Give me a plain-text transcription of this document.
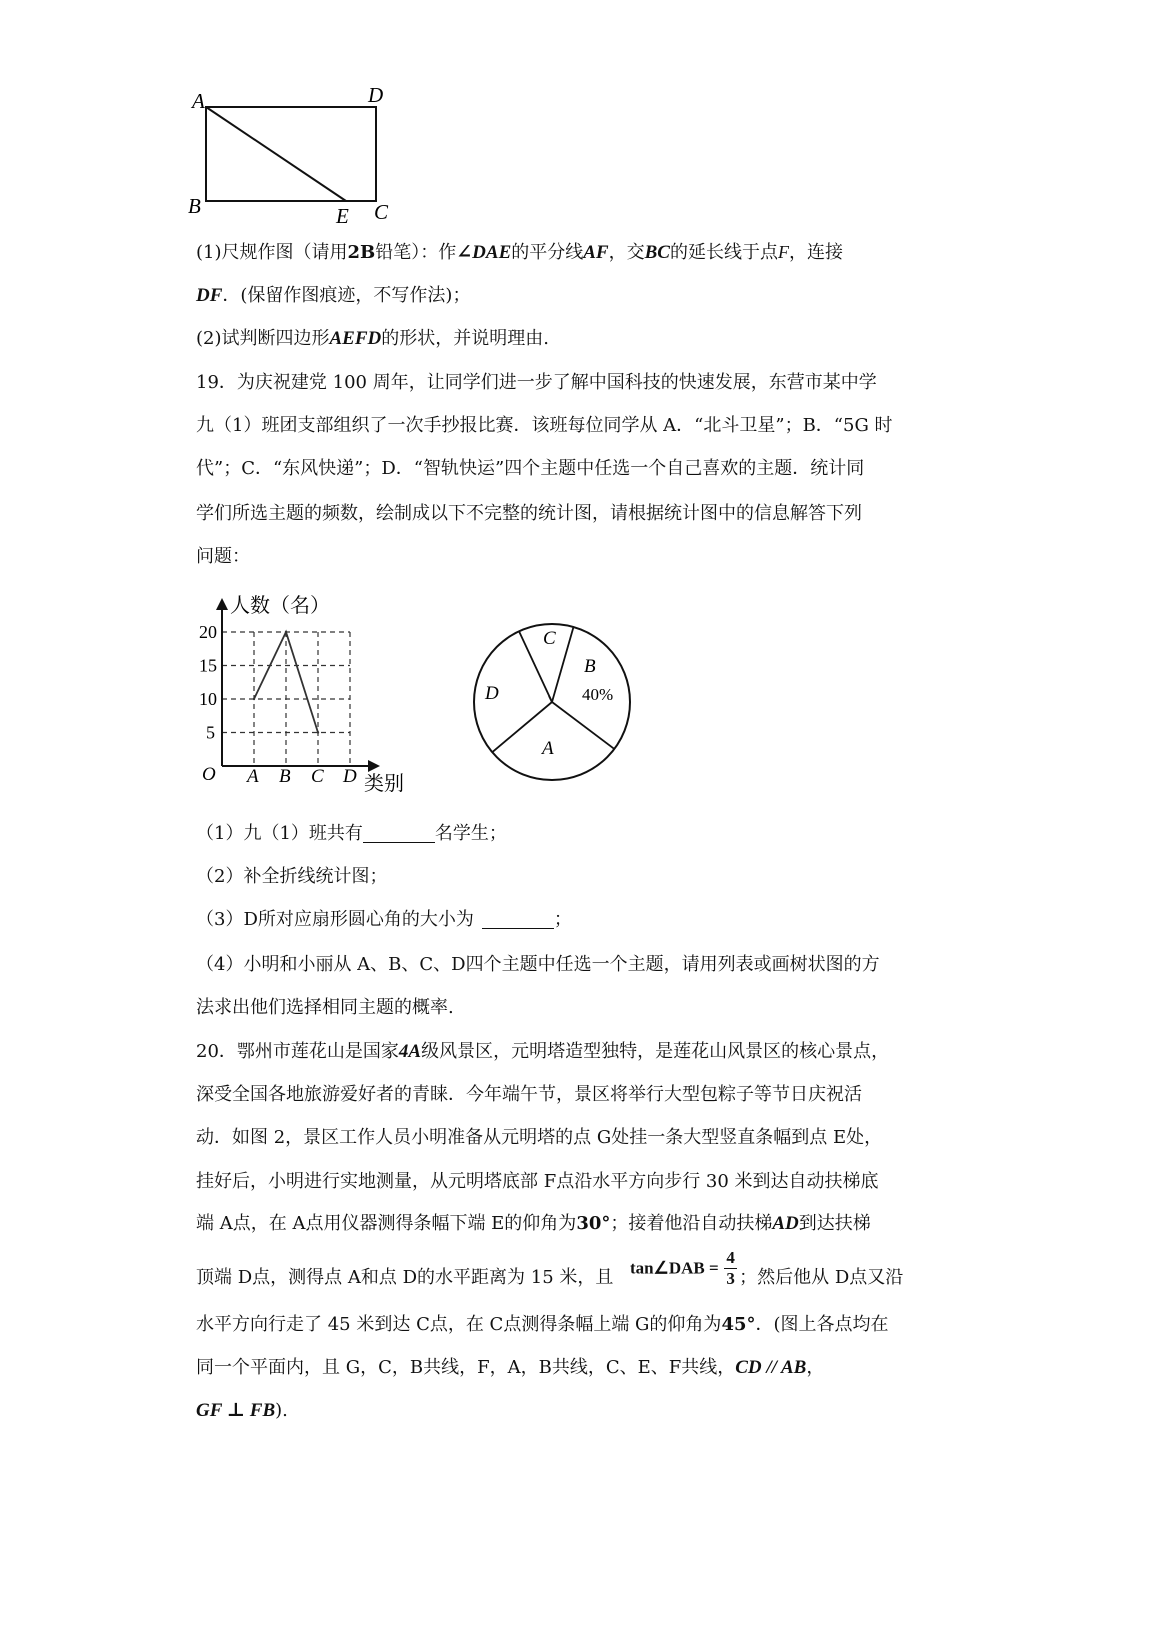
A	D
B	E C
(1)尺规作图（请用2B铅笔）：作∠DAE的平分线AF，交BC的延长线于点F，连接
DF．(保留作图痕迹，不写作法)；
(2)试判断四边形AEFD的形状，并说明理由.
19．为庆祝建党 100 周年，让同学们进一步了解中国科技的快速发展，东营市某中学
九（1）班团支部组织了一次手抄报比赛．该班每位同学从 A．“北斗卫星”；B．“5G 时
代”；C．“东风快递”；D．“智轨快运”四个主题中任选一个自己喜欢的主题．统计同
学们所选主题的频数，绘制成以下不完整的统计图，请根据统计图中的信息解答下列
问题：
人数（名）
类别
O
5
10
15
20
A B C D
A
B
C
D	40%
（1）九（1）班共有	名学生；
（2）补全折线统计图；
（3）D所对应扇形圆心角的大小为	；
（4）小明和小丽从 A、B、C、D四个主题中任选一个主题，请用列表或画树状图的方
法求出他们选择相同主题的概率.
20．鄂州市莲花山是国家4A级风景区，元明塔造型独特，是莲花山风景区的核心景点，
深受全国各地旅游爱好者的青睐．今年端午节，景区将举行大型包粽子等节日庆祝活
动．如图 2，景区工作人员小明准备从元明塔的点 G处挂一条大型竖直条幅到点 E处，
挂好后，小明进行实地测量，从元明塔底部 F点沿水平方向步行 30 米到达自动扶梯底
端 A点，在 A点用仪器测得条幅下端 E的仰角为30°；接着他沿自动扶梯AD到达扶梯
顶端 D点，测得点 A和点 D的水平距离为 15 米，且 tan∠DAB = $\frac{4}{3}$ ；然后他从 D点又沿
水平方向行走了 45 米到达 C点，在 C点测得条幅上端 G的仰角为45°．(图上各点均在
同一个平面内，且 G，C，B共线，F，A，B共线，C、E、F共线，CD // AB，
GF ⊥ FB).
